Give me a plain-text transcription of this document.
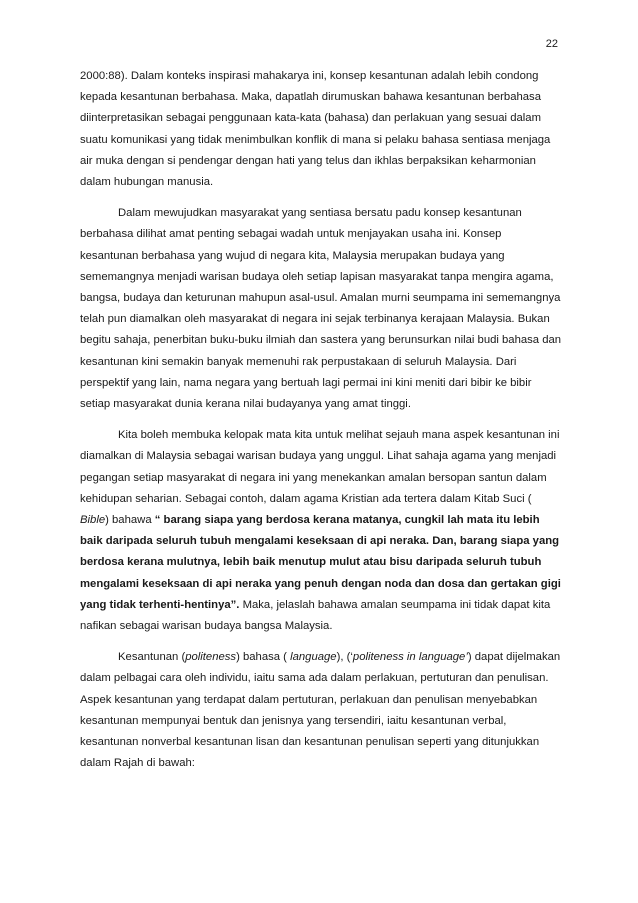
22

2000:88). Dalam konteks inspirasi mahakarya ini, konsep kesantunan adalah lebih condong kepada kesantunan berbahasa. Maka, dapatlah dirumuskan bahawa kesantunan berbahasa diinterpretasikan sebagai penggunaan kata-kata (bahasa) dan perlakuan yang sesuai dalam suatu komunikasi yang tidak menimbulkan konflik di mana si pelaku bahasa sentiasa menjaga air muka dengan si pendengar dengan hati yang telus dan ikhlas berpaksikan keharmonian dalam hubungan manusia.

Dalam mewujudkan masyarakat yang sentiasa bersatu padu konsep kesantunan berbahasa dilihat amat penting sebagai wadah untuk menjayakan usaha ini. Konsep kesantunan berbahasa yang wujud di negara kita, Malaysia merupakan budaya yang sememangnya menjadi warisan budaya oleh setiap lapisan masyarakat tanpa mengira agama, bangsa, budaya dan keturunan mahupun asal-usul. Amalan murni seumpama ini sememangnya telah pun diamalkan oleh masyarakat di negara ini sejak terbinanya kerajaan Malaysia. Bukan begitu sahaja, penerbitan buku-buku ilmiah dan sastera yang berunsurkan nilai budi bahasa dan kesantunan kini semakin banyak memenuhi rak perpustakaan di seluruh Malaysia. Dari perspektif yang lain, nama negara yang bertuah lagi permai ini kini meniti dari bibir ke bibir setiap masyarakat dunia kerana nilai budayanya yang amat tinggi.

Kita boleh membuka kelopak mata kita untuk melihat sejauh mana aspek kesantunan ini diamalkan di Malaysia sebagai warisan budaya yang unggul. Lihat sahaja agama yang menjadi pegangan setiap masyarakat di negara ini yang menekankan amalan bersopan santun dalam kehidupan seharian. Sebagai contoh, dalam agama Kristian ada tertera dalam Kitab Suci ( Bible) bahawa “ barang siapa yang berdosa kerana matanya, cungkil lah mata itu lebih baik daripada seluruh tubuh mengalami keseksaan di api neraka. Dan, barang siapa yang berdosa kerana mulutnya, lebih baik menutup mulut atau bisu daripada seluruh tubuh mengalami keseksaan di api neraka yang penuh dengan noda dan dosa dan gertakan gigi yang tidak terhenti-hentinya”. Maka, jelaslah bahawa amalan seumpama ini tidak dapat kita nafikan sebagai warisan budaya bangsa Malaysia.

Kesantunan (politeness) bahasa ( language), (‘politeness in language’) dapat dijelmakan dalam pelbagai cara oleh individu, iaitu sama ada dalam perlakuan, pertuturan dan penulisan. Aspek kesantunan yang terdapat dalam pertuturan, perlakuan dan penulisan menyebabkan kesantunan mempunyai bentuk dan jenisnya yang tersendiri, iaitu kesantunan verbal, kesantunan nonverbal kesantunan lisan dan kesantunan penulisan seperti yang ditunjukkan dalam Rajah di bawah:
